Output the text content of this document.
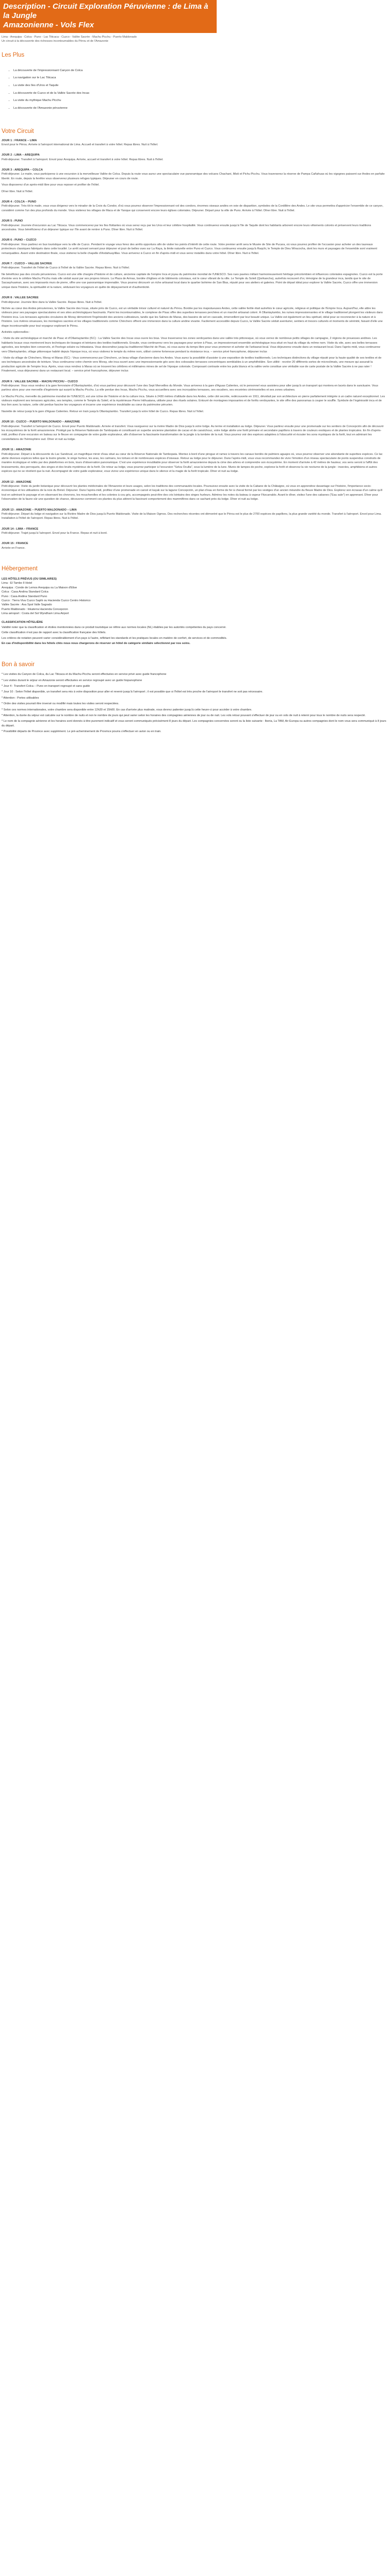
Description - Circuit Exploration Péruvienne : de Lima à la Jungle
Amazonienne - Vols Flex
Lima - Arequipa - Colca - Puno - Lac Titicaca - Cuzco - Vallée Sacrée - Machu Picchu - Puerto Maldonado
Un circuit à la découverte des richesses incontournables du Pérou et de l'Amazonie
Les Plus
• La découverte de l'impressionnant Canyon de Colca
• La navigation sur le Lac Titicaca
• La visite des îles d'Uros et Taquile
• La découverte de Cuzco et de la Vallée Sacrée des Incas
• La visite du mythique Machu Picchu
• La découverte de l'Amazonie péruvienne
Votre Circuit
JOUR 1 : FRANCE – LIMA

Envol pour le Pérou. Arrivée à l'aéroport international de Lima. Accueil et transfert à votre hôtel. Repas libres. Nuit à l'hôtel.

JOUR 2 : LIMA – AREQUIPA

Petit-déjeuner. Transfert à l'aéroport. Envol pour Arequipa. Arrivée, accueil et transfert à votre hôtel. Repas libres. Nuit à l'hôtel.

JOUR 3 : AREQUIPA – COLCA

Petit-déjeuner. Le matin, vous participerez à une excursion à la merveilleuse Vallée de Colca. Depuis la route vous aurez une spectaculaire vue panoramique des volcans Chachani, Misti et Pichu Picchu. Vous traverserez la réserve de Pampa Cañahuas où les vigognes paissent sur Andes en parfaite liberté. En route, depuis la fenêtre vous observerez plusieurs refuges typiques. Déjeuner en cours de route.

Vous disposerez d'un après-midi libre pour vous reposer et profiter de l'hôtel.

Dîner libre. Nuit à l'hôtel.

JOUR 4 : COLCA – PUNO

Petit-déjeuner. Très tôt le matin, vous vous dirigerez vers le mirador de la Croix du Condor, d'où vous pourrez observer l'impressionnant vol des condors, énormes oiseaux andins en voie de disparition, symboles de la Cordillère des Andes. Le site vous permettra d'apprécier l'ensemble de ce canyon, considéré comme l'un des plus profonds du monde. Vous visiterez les villages de Maca et de Yanque qui conservent encore leurs églises coloniales. Déjeuner. Départ pour la ville de Puno. Arrivée à l'hôtel. Dîner libre. Nuit à l'hôtel.

JOUR 5 : PUNO

Petit-déjeuner. Journée d'excursion au Lac Titicaca. Vous commencerez par les îles flottantes où vous serez reçu par les Uros et leur célèbre hospitalité. Vous continuerez ensuite jusqu'à l'île de Taquile dont les habitants arborent encore leurs vêtements colorés et préservent leurs traditions ancestrales. Vous bénéficierez d'un déjeuner typique sur l'île avant de rentrer à Puno. Dîner libre. Nuit à l'hôtel.

JOUR 6 : PUNO – CUZCO

Petit-déjeuner. Vous partirez en bus touristique vers la ville de Cuzco. Pendant le voyage vous ferez des arrêts opportuns afin de visiter les points d'intérêt de cette route. Votre premier arrêt sera le Musée de Site de Pucara, où vous pourrez profiter de l'occasion pour acheter un des taureaux protecteurs classiques fabriqués dans cette localité. Le arrêt suivant servant pour déjeuner et jouir de belles vues sur La Raya, la limite naturelle entre Puno et Cuzco. Vous continuerez ensuite jusqu'à Raqchi, le Temple de Dieu Wiracocha, dont les murs et paysages de l'ensemble sont vraiment remarquables. Avant votre destination finale, vous visiterez la belle chapelle d'Andahuaylillas. Vous arriverez à Cuzco en fin d'après-midi et vous serez installés dans votre hôtel. Dîner libre. Nuit à l'hôtel.

JOUR 7 : CUZCO – VALLEE SACREE

Petit-déjeuner. Transfert de l'hôtel de Cuzco à l'hôtel de la Vallée Sacrée. Repas libres. Nuit à l'hôtel.

Ne bénéficiez pas des circuits péruviennes. Cuzco est une ville chargée d'histoire et de culture, ancienne capitale de l'empire Inca et joyau du patrimoine mondial de l'UNESCO. Ses rues pavées mêlant harmonieusement héritage précolombien et influences coloniales espagnoles. Cuzco est la porte d'entrée vers le célèbre Machu Picchu mais elle séduit aussi par ses propres trésors. La Plaza de Armas, bordée d'églises et de bâtiments coloniaux, est le cœur vibrant de la ville. Le Temple du Soleil (Qorikancha), autrefois recouvert d'or, témoigne de la grandeur inca, tandis que le site de Sacsayhuaman, avec ses imposants murs de pierre, offre une vue panoramique imprenable. Vous pourrez découvrir un riche artisanat local dans le quartier bohème de San Blas, réputé pour ses ateliers et galeries. Point de départ idéal pour explorer la Vallée Sacrée, Cuzco offre une immersion unique dans l'histoire, la spiritualité et la nature, séduisant les voyageurs en quête de dépaysement et d'authenticité.

JOUR 8 : VALLEE SACREE

Petit-déjeuner. Journée libre dans la Vallée Sacrée. Repas libres. Nuit à l'hôtel.

Nichée au cœur des Andes péruviennes, la Vallée Sacrée des Incas, située près de Cuzco, est un véritable trésor culturel et naturel du Pérou. Bordée par les majestueuses Andes, cette vallée fertile était autrefois le cœur agricole, religieux et politique de l'Empire Inca. Aujourd'hui, elle attire les visiteurs pour ses paysages spectaculaires et ses sites archéologiques fascinants. Parmi les incontournables, le complexe de Pisac offre des superbes terrasses perchées et un marché artisanal coloré. À Ollantaytambo, les ruines impressionnantes et le village traditionnel plongent les visiteurs dans l'histoire inca. Les terrasses agricoles circulaires de Moray démontrent l'ingéniosité des anciens cultivateurs, tandis que les Salines de Maras, des bassins de sel en cascade, émerveillent par leur beauté unique. La Vallée est également un lieu spirituel, idéal pour se reconnecter à la nature et à l'histoire. Les rivières sinueuses, les montagnes sacrées et les villages traditionnels comme Chinchero offrent une immersion dans la culture andine vivante. Facilement accessible depuis Cuzco, la Vallée Sacrée séduit aventurier, sentiers et tresors culturels et moments de sérénité, faisant d'elle une étape incontournable pour tout voyageur explorant le Pérou.

Activités optionnelles :

- Visite du site archéologique et marché de Pisac et d'Ollantaytambo (f1C) : La Vallée Sacrée des Incas vous ouvre les bras. Vous traverserez les zones verdoyantes dans une vallée très pittoresque, où vous verrez de nombreux petits villages de campagne, 2 régions de prouesses andines. Les habitants locaux vous montreront leurs techniques de tissages et teintures des textiles traditionnels. Ensuite, vous continuerez vers les paysages pour arriver à Pisac, un impressionnant ensemble archéologique inca situé en haut du village du même nom. Visite du site, avec ses belles terrasses agricoles, ses temples bien conservés, et l'horloge solaire ou Intiwatana. Vous descendrez jusqu'au traditionnel Marché de Pisac, où vous aurez du temps libre pour vous promener et acheter de l'artisanat local. Vous déjeunerez ensuite dans un restaurant local. Dans l'après-midi, vous continuerez vers Ollantaytambo, village pittoresque habité depuis l'époque inca, où vous visiterez le temple du même nom, utilisé comme forteresse pendant la résistance inca. – service privé francophone, déjeuner inclus

- Visite du village de Chinchero, Moray et Maras (f1C) : Vous commencerez par Chinchero, un beau village d'ancienne dans les Andes. Vous aurez la possibilité d'assister à une exposition de textiles traditionnels. Les techniques distinctives du village réputé pour la haute qualité de ses textiles et de ses techniques ancestrales de teinture. Vous continuerez votre chemin vers Moray, site inca ouvert avec une impressionnante géo avec des colossales terrasses concentriques semblables à un amphithéâtre. Son utilité : recréer 20 différents sortes de microclimats, une mesure qui assurait la production agricole de l'empire Inca. Après, vous vous rendrez à Maras où se trouvent les célèbres et millénaires mines de sel de l'époque coloniale. Composant contraste entre les puits blancs et la vallée verte constitue une véritable vue de carte postale de la Vallée Sacrée à ne pas rater ! Finalement, vous déjeunerez dans un restaurant local. – service privé francophone, déjeuner inclus

JOUR 9 : VALLEE SACREE – MACHU PICCHU – CUZCO

Petit-déjeuner. Vous vous rendrez à la gare ferroviaire d'Ollantaytambo, d'où vous partirez pour découvrir l'une des Sept Merveilles du Monde. Vous arriverez à la gare d'Aguas Calientes, où le personnel vous assistera pour aller jusqu'à un transport qui montera en lacets dans le sanctuaire. Vous partirez alors pour une merveille d'ingénierie qui surprit la Machu Picchu. La ville perdue des Incas, Machu Picchu, vous accueillera avec ses incroyables terrasses, ses escaliers, ses enceintes cérémonielles et ses zones urbaines.

Le Machu Picchu, merveille du patrimoine mondial de l'UNESCO, est une icône de l'histoire et de la culture inca. Située à 2430 mètres d'altitude dans les Andes, cette cité secrète, redécouverte en 1911, dévoilait par son architecture en pierre parfaitement intégrée à un cadre naturel exceptionnel. Les visiteurs explorent ses terrasses agricoles, ses temples, comme le Temple du Soleil, et la mystérieuse Pierre Intihuatana, utilisée pour des rituels solaires. Entouré de montagnes imposantes et de forêts verdoyantes, le site offre des panoramas à couper le souffle. Symbole de l'ingéniosité inca et de leur lien avec la nature, cette cité perdue fascine les voyageurs et incarne une expérience inoubliable au cœur du patrimoine péruvien.

Naviette de retour jusqu'à la gare d'Aguas Calientes. Retour en train jusqu'à Ollantaytambo. Transfert jusqu'à votre hôtel de Cuzco. Repas libres. Nuit à l'hôtel.

JOUR 10 : CUZCO – PUERTO MALDONADO – AMAZONIE

Petit-déjeuner. Transfert à l'aéroport de Cuzco. Envol pour Puerto Maldonado. Arrivée et transfert. Vous naviguerez sur la rivière Madre de Dios jusqu'à votre lodge. Au terme et installation au lodge. Déjeuner. Vous partirez ensuite pour une promenade sur les sentiers de Concepción afin de découvrir les écosystèmes de la forêt amazonienne. Protégé par la Réserve Nationale de Tambopata et constituant un superbe ancienne plantation de cacao et de caoutchouc, votre lodge abrite une forêt primaire et secondaire papillons à travers de couleurs exotiques et de plantes tropicales. En fin d'après-midi, profitez d'une excursion en bateau sur le fleuve en compagnie de votre guide explorateur, afin d'observer la fascinante transformation de la jungle à la tombée de la nuit. Vous pourrez voir des espèces adaptées à l'obscurité et écouter les sons mystiques de la forêt, tout en admirant les constellations de l'hémisphère sud. Dîner et nuit au lodge.

JOUR 11 : AMAZONIE

Petit-déjeuner. Départ à la découverte du Lac Sandoval, un magnifique miroir d'eau situé au cœur de la Réserve Nationale de Tambopata. Montez à bord d'une pirogue et ramez à travers les canaux bordés de palmiers aguajes où, vous pourrez observer une abondante de superbes espèces. Ce lac abrite diverses espèces telles que la loutre géante, le singe hurleur, les aras, les caïmans, les tortues et de nombreuses espèces d'oiseaux. Retour au lodge pour le déjeuner. Dans l'après-midi, vous vous recommandez de vivre l'émotion d'un réseau spectaculaire de ponts suspendus construits de manière écologique et reliés par des plateformes en bois, tours d'observation panoramique. C'est une expérience inoubliable pour observer la forêt amazonienne depuis la cime des arbres et comprendre son écosystème. En moment d'arrivée à 42 mètres de hauteur, vos sens seront à l'affût des bruissements, des perroquets, des singes et des bruits mystérieux de la forêt. De retour au lodge, vous pourrez participer à l'excursion "Selva Oculta", sous la lumière de la lune. Munis de lampes de poche, explorez la forêt et observez la vie nocturne de la jungle : insectes, amphibiens et autres espèces qui ne se révèlent que la nuit. Accompagné de votre guide explorateur, vous vivrez une expérience unique dans le silence et la magie de la forêt tropicale. Dîner et nuit au lodge.

JOUR 12 : AMAZONIE

Petit-déjeuner. Visite du jardin botanique pour découvrir les plantes médicinales de l'Amazonie et leurs usages, selon les traditions des communautés locales. Poursuivez ensuite avec la visite de la Cabane de la Châtaigne, où vous en apprendrez davantage sur l'histoire, l'importance socio-économique et les utilisations de la noix du Brésil. Déjeuner. Dans l'après-midi, profitez d'une promenade en canoë et kayak sur la lagune Concepción, un plan d'eau en forme de fer à cheval formé par les vestiges d'un ancien méandre du fleuve Madre de Dios. Explorez son écrasas d'un calme qu'il tout en admirant le paysage et en observant les chevrons, les moucherolles et les colonies à cou gris, accompagnés peut-être des cris lointains des singes hurleurs. Admirez les notes du bateau à vapeur Fitzcarraldo. Avant le dîner, visitez l'une des cabanes ("Eau sale") en apprenant. Dîner pour l'observation de la faune sûr une question de chance, découvrez comment ces plantes du plus attirent la fascinant comportement des mammifères dans ce sachant près du lodge. Dîner et nuit au lodge.

JOUR 13 : AMAZONIE – PUERTO MALDONADO – LIMA

Petit-déjeuner. Départ du lodge et navigation sur la Rivière Madre de Dios jusqu'à Puerto Maldonado. Visite de la Maison Ogmos. Des recherches récentes ont démontré que le Pérou est le plus de 2700 espèces de papillons, la plus grande variété du monde. Transfert à l'aéroport. Envol pour Lima. Installation à l'hôtel de l'aéroport. Repas libres. Nuit à l'hôtel.

JOUR 14 : LIMA – FRANCE

Petit-déjeuner. Trajet jusqu'à l'aéroport. Envol pour la France. Repas et nuit à bord.

JOUR 15 : FRANCE

Arrivée en France.

Hébergement
LES HÔTELS PRÉVUS (OU SIMILAIRES)

Lima : El Tambo II Hotel

Arequipa : Conde de Lemos Arequipa ou La Maison d'Elise

Colca : Casa Andina Standard Colca

Puno : Casa Andina Standard Puno

Cuzco : Tierra Viva Cuzco Saphi ou Hacienda Cuzco Centro Historico

Vallée Sacrée : Ava Spot Valle Sagrado

Puerto Maldonado : Inkaterra Hacienda Concepcion

Lima aéroport : Costa del Sol Wyndham Lima Airport

CLASSIFICATION HÔTELIÈRE

Validité noter que la classification et étoiles mentionnées dans ce produit touristique se réfère aux normes locales (NL) établies par les autorités compétentes du pays concerné.

Cette classification n'est pas de rapport avec la classification française des hôtels.

Les critères de notation peuvent varier considérablement d'un pays à l'autre, reflétant les standards et les pratiques locales en matière de confort, de services et de commodités.

En cas d'indisponibilité dans les hôtels cités nous nous chargerons de réserver un hôtel de catégorie similaire sélectionné par nos soins.

Bon à savoir

* Les visites du Canyon de Colca, du Lac Titicaca et du Machu Picchu seront effectuées en service privé avec guide francophone

* Les visites durant le séjour en Amazonie seront effectuées en service regroupé avec un guide hispanophone

* Jour 4 : Transfert Colca – Puno en transport regroupé et sans guide

* Jour 10 : Selon l'hôtel disponible, un transfert sera mis à votre disposition pour aller et revenir jusqu'à l'aéroport ; il est possible que si l'hôtel est très proche de l'aéroport le transfert ne soit pas nécessaire.

* Attention : Portes utilisables

* Ordre des visites pourrait être inversé ou modifié mais toutes les visites seront respectées.

* Selon ces normes internationales, votre chambre sera disponible entre 12h30 et 15h00. En cas d'arrivée plus matinale, vous devrez patienter jusqu'à cette heure-ci pour accéder à votre chambre.

* Attention, la durée du séjour est calculée sur le nombre de nuits et non le nombre de jours qui peut varier selon les horaires des compagnies aériennes de jour ou de nuit. Les vols retour pouvant s'effectuer de jour ou en vols de nuit à retenir pour tous le nombre de nuits sera respecté.

* Le nom de la compagnie aérienne et les horaires sont donnés à titre purement indicatif et vous seront communiqués précisément 8 jours du départ. Les compagnies concernées seront ou la liste suivante : Iberia, La TAM, Air Europa ou autres compagnies dont le nom vous sera communiqué à 8 jours du départ.

* Possibilité départs de Province avec supplément. Le pré-acheminement de Province pourra s'effectuer en avion ou en train.
